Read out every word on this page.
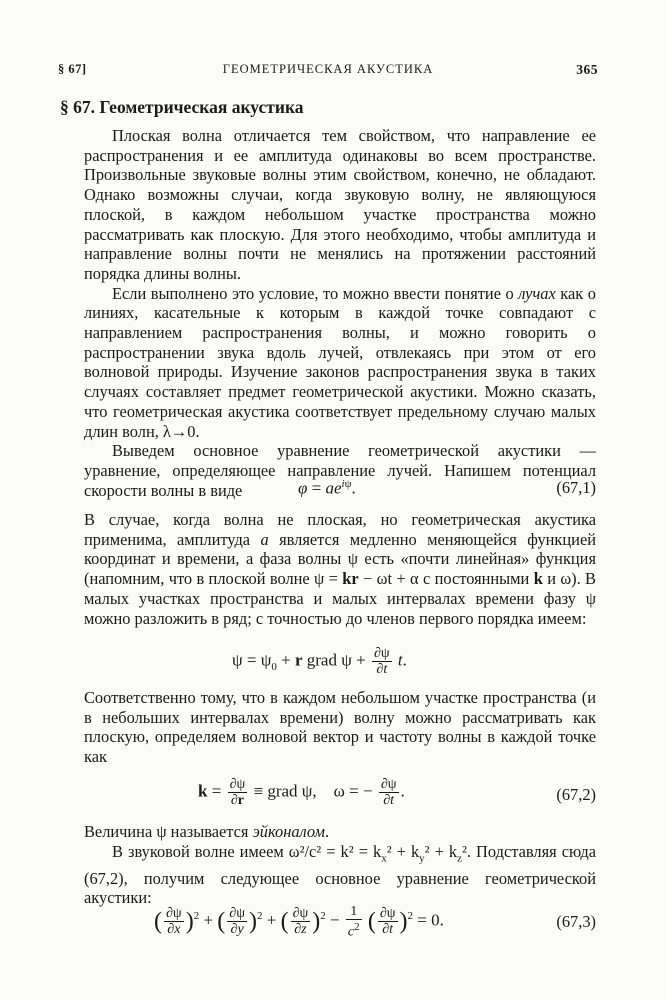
§ 67]	ГЕОМЕТРИЧЕСКАЯ АКУСТИКА	365
§ 67. Геометрическая акустика

Плоская волна отличается тем свойством, что направление ее распространения и ее амплитуда одинаковы во всем пространстве. Произвольные звуковые волны этим свойством, конечно, не обладают. Однако возможны случаи, когда звуковую волну, не являющуюся плоской, в каждом небольшом участке пространства можно рассматривать как плоскую. Для этого необходимо, чтобы амплитуда и направление волны почти не менялись на протяжении расстояний порядка длины волны.

Если выполнено это условие, то можно ввести понятие о лучах как о линиях, касательные к которым в каждой точке совпадают с направлением распространения волны, и можно говорить о распространении звука вдоль лучей, отвлекаясь при этом от его волновой природы. Изучение законов распространения звука в таких случаях составляет предмет геометрической акустики. Можно сказать, что геометрическая акустика соответствует предельному случаю малых длин волн, λ→0.

Выведем основное уравнение геометрической акустики — уравнение, определяющее направление лучей. Напишем потенциал скорости волны в виде	$\varphi = ae^{i\psi}$.	(67,1)

В случае, когда волна не плоская, но геометрическая акустика применима, амплитуда a является медленно меняющейся функцией координат и времени, а фаза волны ψ есть «почти линейная» функция (напомним, что в плоской волне ψ = kr − ωt + α с постоянными k и ω). В малых участках пространства и малых интервалах времени фазу ψ можно разложить в ряд; с точностью до членов первого порядка имеем:

$\psi = \psi_0 + r$ grad $\psi + \frac{\partial\psi}{\partial t} t$.

Соответственно тому, что в каждом небольшом участке пространства (и в небольших интервалах времени) волну можно рассматривать как плоскую, определяем волновой вектор и частоту волны в каждой точке как

$k = \frac{\partial\psi}{\partial r}$ ≡ grad ψ,    ω = − $\frac{\partial\psi}{\partial t}$ .	(67,2)

Величина ψ называется эйконалом.

В звуковой волне имеем $\omega^2/c^2 = k^2 = k_x^2 + k_y^2 + k_z^2$. Подставляя сюда (67,2), получим следующее основное уравнение геометрической акустики:

( $\frac{\partial\psi}{\partial x} )^2$ + ( $\frac{\partial\psi}{\partial y} )^2$ + ( $\frac{\partial\psi}{\partial z} )^2 - \frac{1}{c^2}$ ( $\frac{\partial\psi}{\partial t} )^2 = 0$.	(67,3)
